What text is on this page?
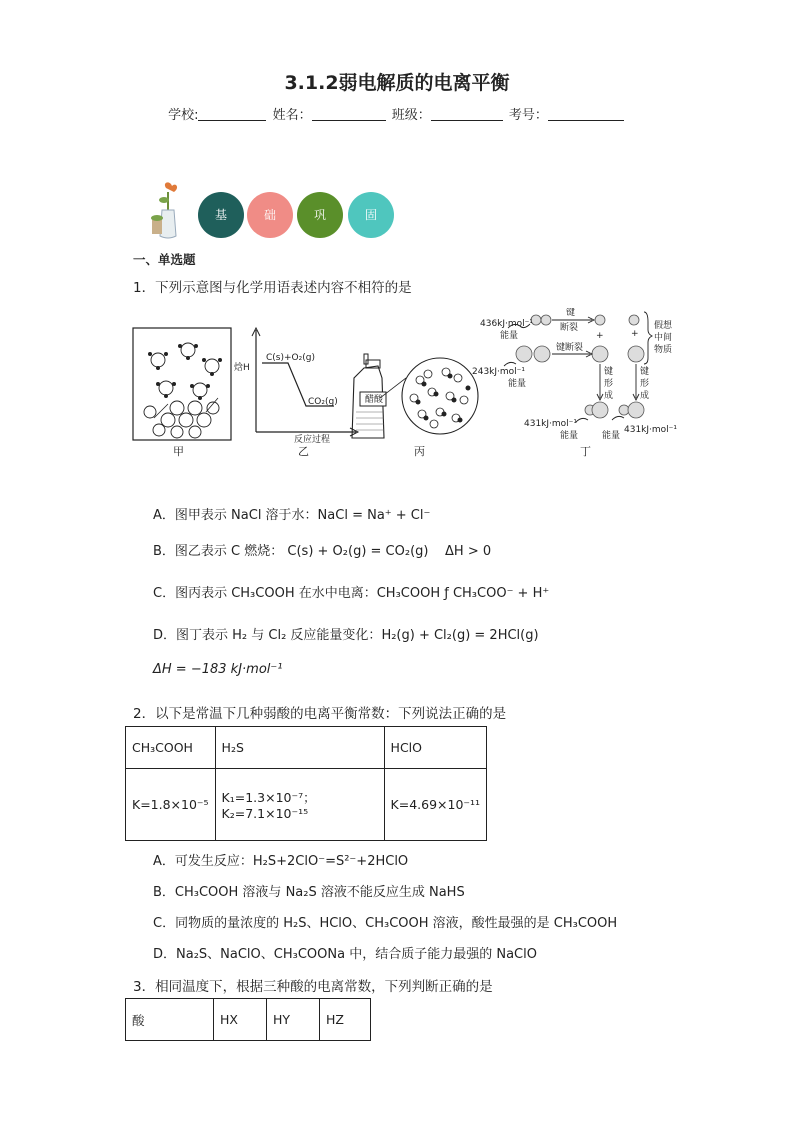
3.1.2弱电解质的电离平衡
学校:	姓名：	班级：	考号：
基	础	巩	固
一、单选题
1．下列示意图与化学用语表述内容不相符的是
甲
焓H
C(s)+O₂(g)
CO₂(g)
反应过程
乙
醋酸
丙
436kJ·mol⁻¹
能量
键
断裂
键断裂
243kJ·mol⁻¹
能量
+	+
键
形
成
键
形
成
假想
中间
物质
431kJ·mol⁻¹
能量
431kJ·mol⁻¹
能量
丁
A．图甲表示 NaCl 溶于水：NaCl = Na⁺ + Cl⁻
B．图乙表示 C 燃烧： C(s) + O₂(g) = CO₂(g) ΔH > 0
C．图丙表示 CH₃COOH 在水中电离：CH₃COOH ƒ CH₃COO⁻ + H⁺
D．图丁表示 H₂ 与 Cl₂ 反应能量变化：H₂(g) + Cl₂(g) = 2HCl(g)
ΔH = −183 kJ·mol⁻¹
2．以下是常温下几种弱酸的电离平衡常数：下列说法正确的是
CH₃COOH	H₂S	HClO
K=1.8×10⁻⁵	K₁=1.3×10⁻⁷；K₂=7.1×10⁻¹⁵	K=4.69×10⁻¹¹
A．可发生反应：H₂S+2ClO⁻=S²⁻+2HClO
B．CH₃COOH 溶液与 Na₂S 溶液不能反应生成 NaHS
C．同物质的量浓度的 H₂S、HClO、CH₃COOH 溶液，酸性最强的是 CH₃COOH
D．Na₂S、NaClO、CH₃COONa 中，结合质子能力最强的 NaClO
3．相同温度下，根据三种酸的电离常数，下列判断正确的是
酸	HX	HY	HZ
